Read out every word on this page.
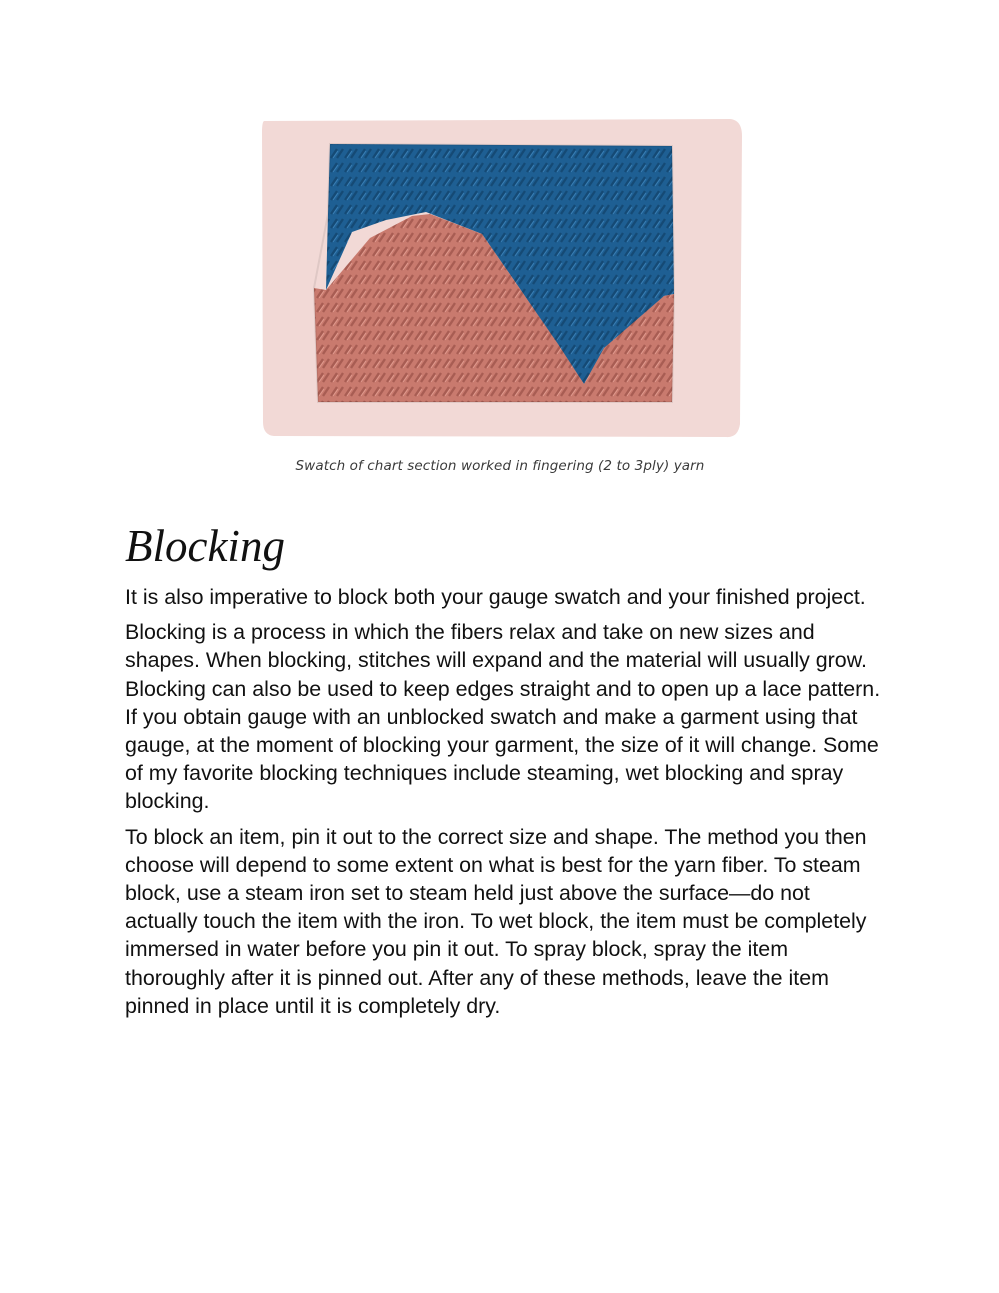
Swatch of chart section worked in fingering (2 to 3ply) yarn
Blocking

It is also imperative to block both your gauge swatch and your finished project.

Blocking is a process in which the fibers relax and take on new sizes and shapes. When blocking, stitches will expand and the material will usually grow. Blocking can also be used to keep edges straight and to open up a lace pattern. If you obtain gauge with an unblocked swatch and make a garment using that gauge, at the moment of blocking your garment, the size of it will change. Some of my favorite blocking techniques include steaming, wet blocking and spray blocking.

To block an item, pin it out to the correct size and shape. The method you then choose will depend to some extent on what is best for the yarn fiber. To steam block, use a steam iron set to steam held just above the surface—do not actually touch the item with the iron. To wet block, the item must be completely immersed in water before you pin it out. To spray block, spray the item thoroughly after it is pinned out. After any of these methods, leave the item pinned in place until it is completely dry.
